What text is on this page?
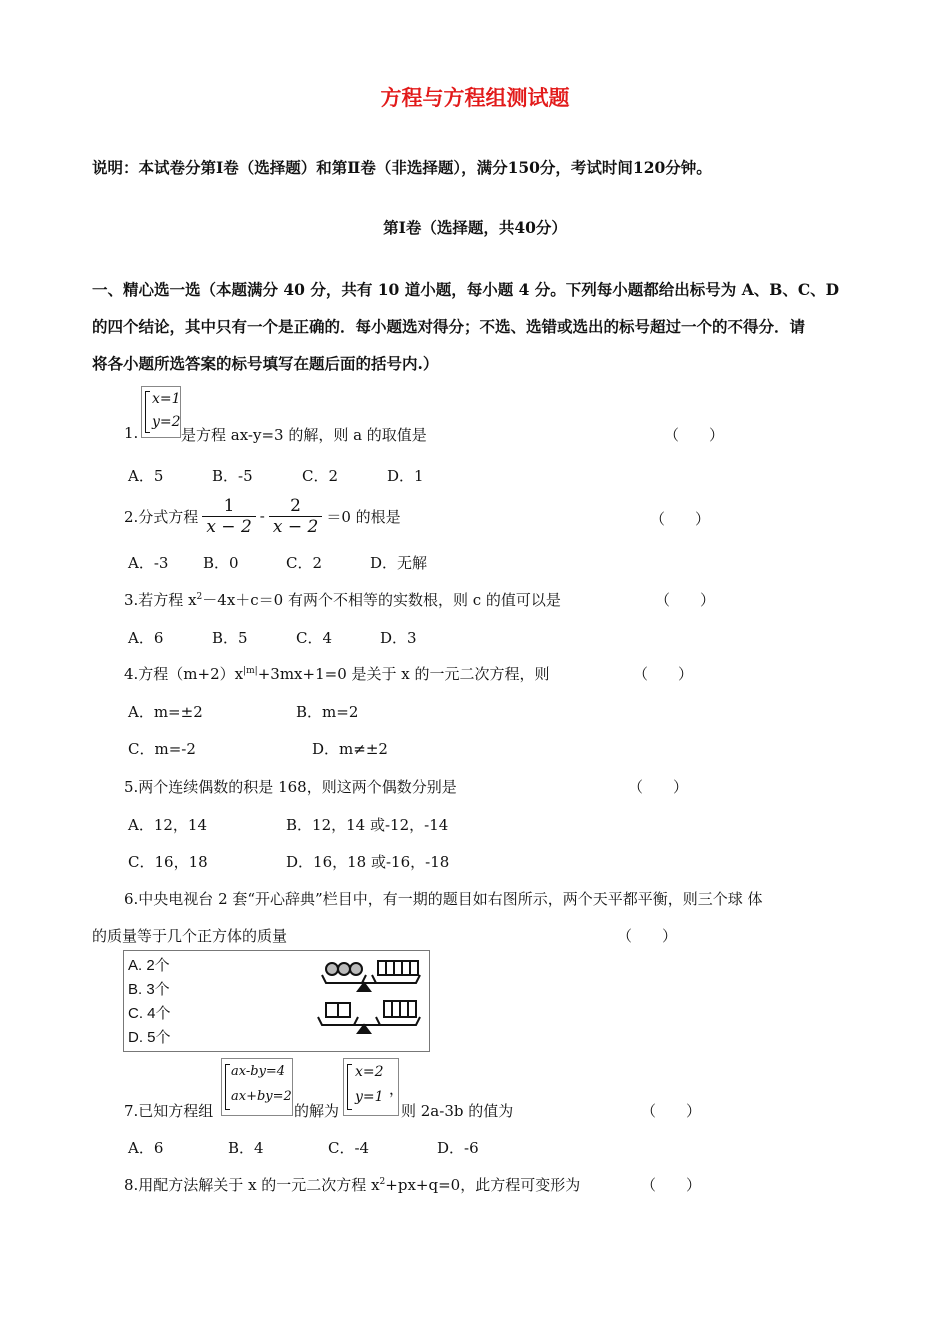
方程与方程组测试题
说明：本试卷分第Ⅰ卷（选择题）和第Ⅱ卷（非选择题），满分150分，考试时间120分钟。
第Ⅰ卷（选择题，共40分）
一、精心选一选（本题满分 40 分，共有 10 道小题，每小题 4 分。下列每小题都给出标号为 A、B、C、D
的四个结论，其中只有一个是正确的．每小题选对得分；不选、选错或选出的标号超过一个的不得分．请
将各小题所选答案的标号填写在题后面的括号内.）
1.
x=1
y=2
是方程 ax-y=3 的解，则 a 的取值是	（　　）
A．5	B．-5	C．2	D．1
2.分式方程 $\frac{1}{x - 2} - \frac{2}{x - 2} =0$ 的根是	（　　）
A．-3 B．0	C．2	D．无解
3.若方程 $x^2-4x+c=0$ 有两个不相等的实数根，则 c 的值可以是	（　　）
A．6	B．5	C．4	D．3
4.方程$(m+2)x^{|m|}+3mx+1=0$ 是关于 x 的一元二次方程，则	（　　）
A．m=±2	B．m=2
C．m=-2	D．m≠±2
5.两个连续偶数的积是 168，则这两个偶数分别是	（　　）
A．12，14	B．12，14 或-12，-14
C．16，18	D．16，18 或-16，-18
6.中央电视台 2 套“开心辞典”栏目中，有一期的题目如右图所示，两个天平都平衡，则三个球 体
的质量等于几个正方体的质量	（　　）
A. 2个
B. 3个
C. 4个
D. 5个
7.已知方程组
ax-by=4
ax+by=2
的解为
x=2
y=1 ，
则 2a-3b 的值为	（　　）
A．6	B．4	C．-4	D．-6
8.用配方法解关于 x 的一元二次方程 $x^2+px+q=0$，此方程可变形为	（　　）
